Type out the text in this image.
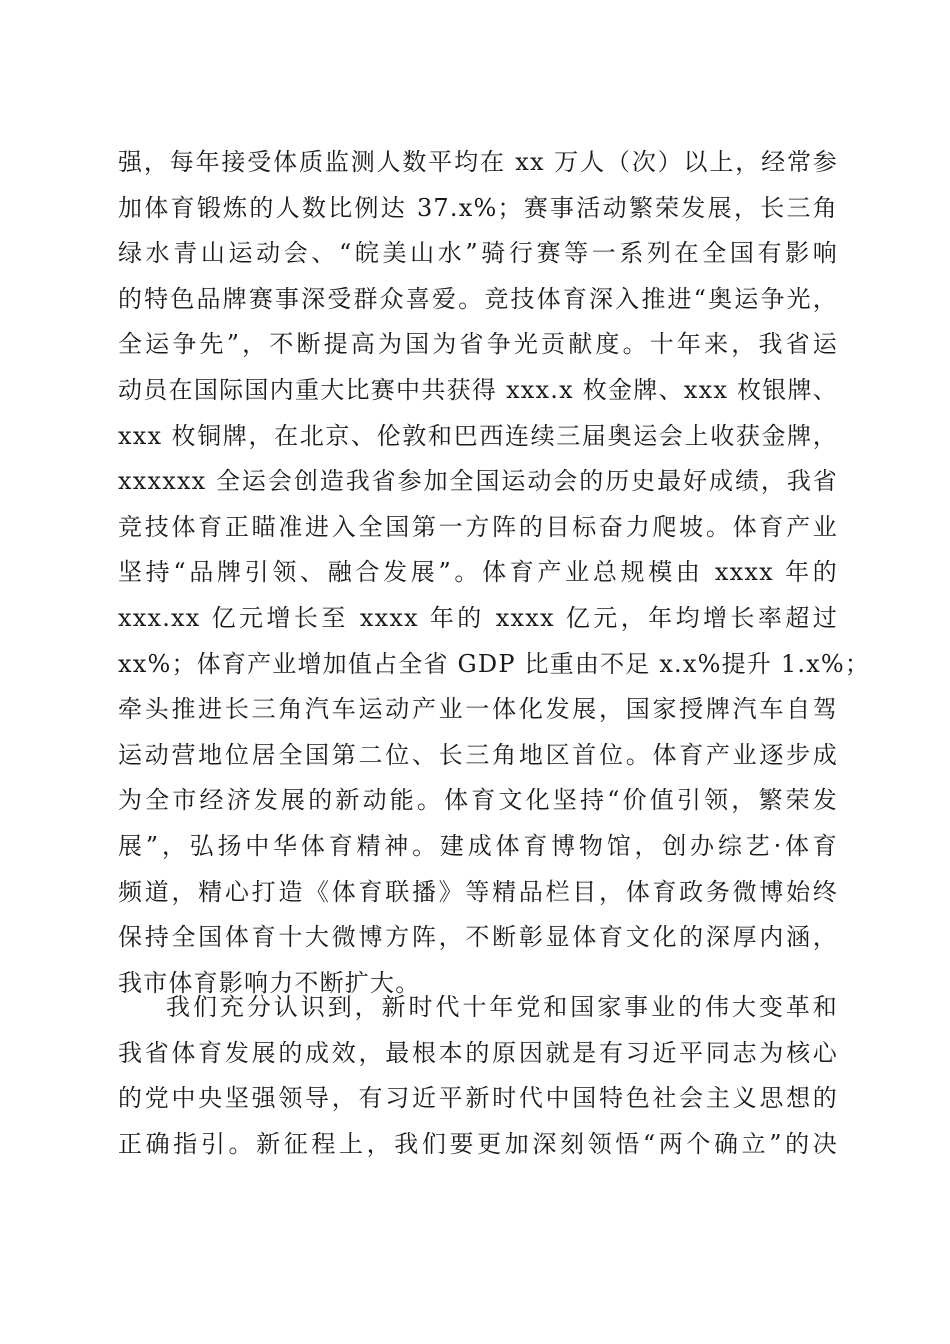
强，每年接受体质监测人数平均在 xx 万人（次）以上，经常参
加体育锻炼的人数比例达 37.x%；赛事活动繁荣发展，长三角
绿水青山运动会、“皖美山水”骑行赛等一系列在全国有影响
的特色品牌赛事深受群众喜爱。竞技体育深入推进“奥运争光，
全运争先”，不断提高为国为省争光贡献度。十年来，我省运
动员在国际国内重大比赛中共获得 xxx.x 枚金牌、xxx 枚银牌、
xxx 枚铜牌，在北京、伦敦和巴西连续三届奥运会上收获金牌，
xxxxxx 全运会创造我省参加全国运动会的历史最好成绩，我省
竞技体育正瞄准进入全国第一方阵的目标奋力爬坡。体育产业
坚持“品牌引领、融合发展”。体育产业总规模由 xxxx 年的
xxx.xx 亿元增长至 xxxx 年的 xxxx 亿元，年均增长率超过
xx%；体育产业增加值占全省 GDP 比重由不足 x.x%提升 1.x%；
牵头推进长三角汽车运动产业一体化发展，国家授牌汽车自驾
运动营地位居全国第二位、长三角地区首位。体育产业逐步成
为全市经济发展的新动能。体育文化坚持“价值引领，繁荣发
展”，弘扬中华体育精神。建成体育博物馆，创办综艺·体育
频道，精心打造《体育联播》等精品栏目，体育政务微博始终
保持全国体育十大微博方阵，不断彰显体育文化的深厚内涵，
我市体育影响力不断扩大。
我们充分认识到，新时代十年党和国家事业的伟大变革和
我省体育发展的成效，最根本的原因就是有习近平同志为核心
的党中央坚强领导，有习近平新时代中国特色社会主义思想的
正确指引。新征程上，我们要更加深刻领悟“两个确立”的决
